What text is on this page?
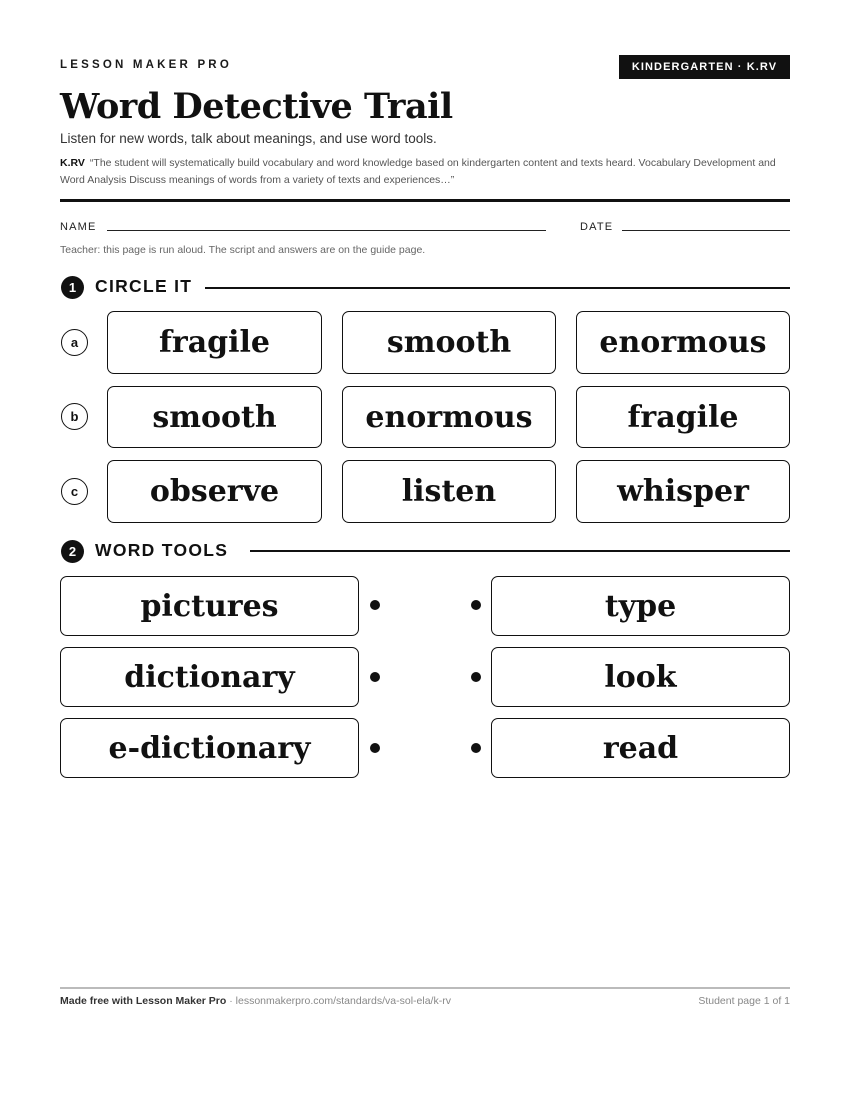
LESSON MAKER PRO	KINDERGARTEN · K.RV
Word Detective Trail
Listen for new words, talk about meanings, and use word tools.
K.RV “The student will systematically build vocabulary and word knowledge based on kindergarten content and texts heard. Vocabulary Development and Word Analysis Discuss meanings of words from a variety of texts and experiences…”
NAME	DATE
Teacher: this page is run aloud. The script and answers are on the guide page.
1	CIRCLE IT
a	fragile	smooth	enormous
b	smooth	enormous	fragile
c	observe	listen	whisper
2	WORD TOOLS
pictures	type
dictionary	look
e-dictionary	read
Made free with Lesson Maker Pro · lessonmakerpro.com/standards/va-sol-ela/k-rv	Student page 1 of 1
